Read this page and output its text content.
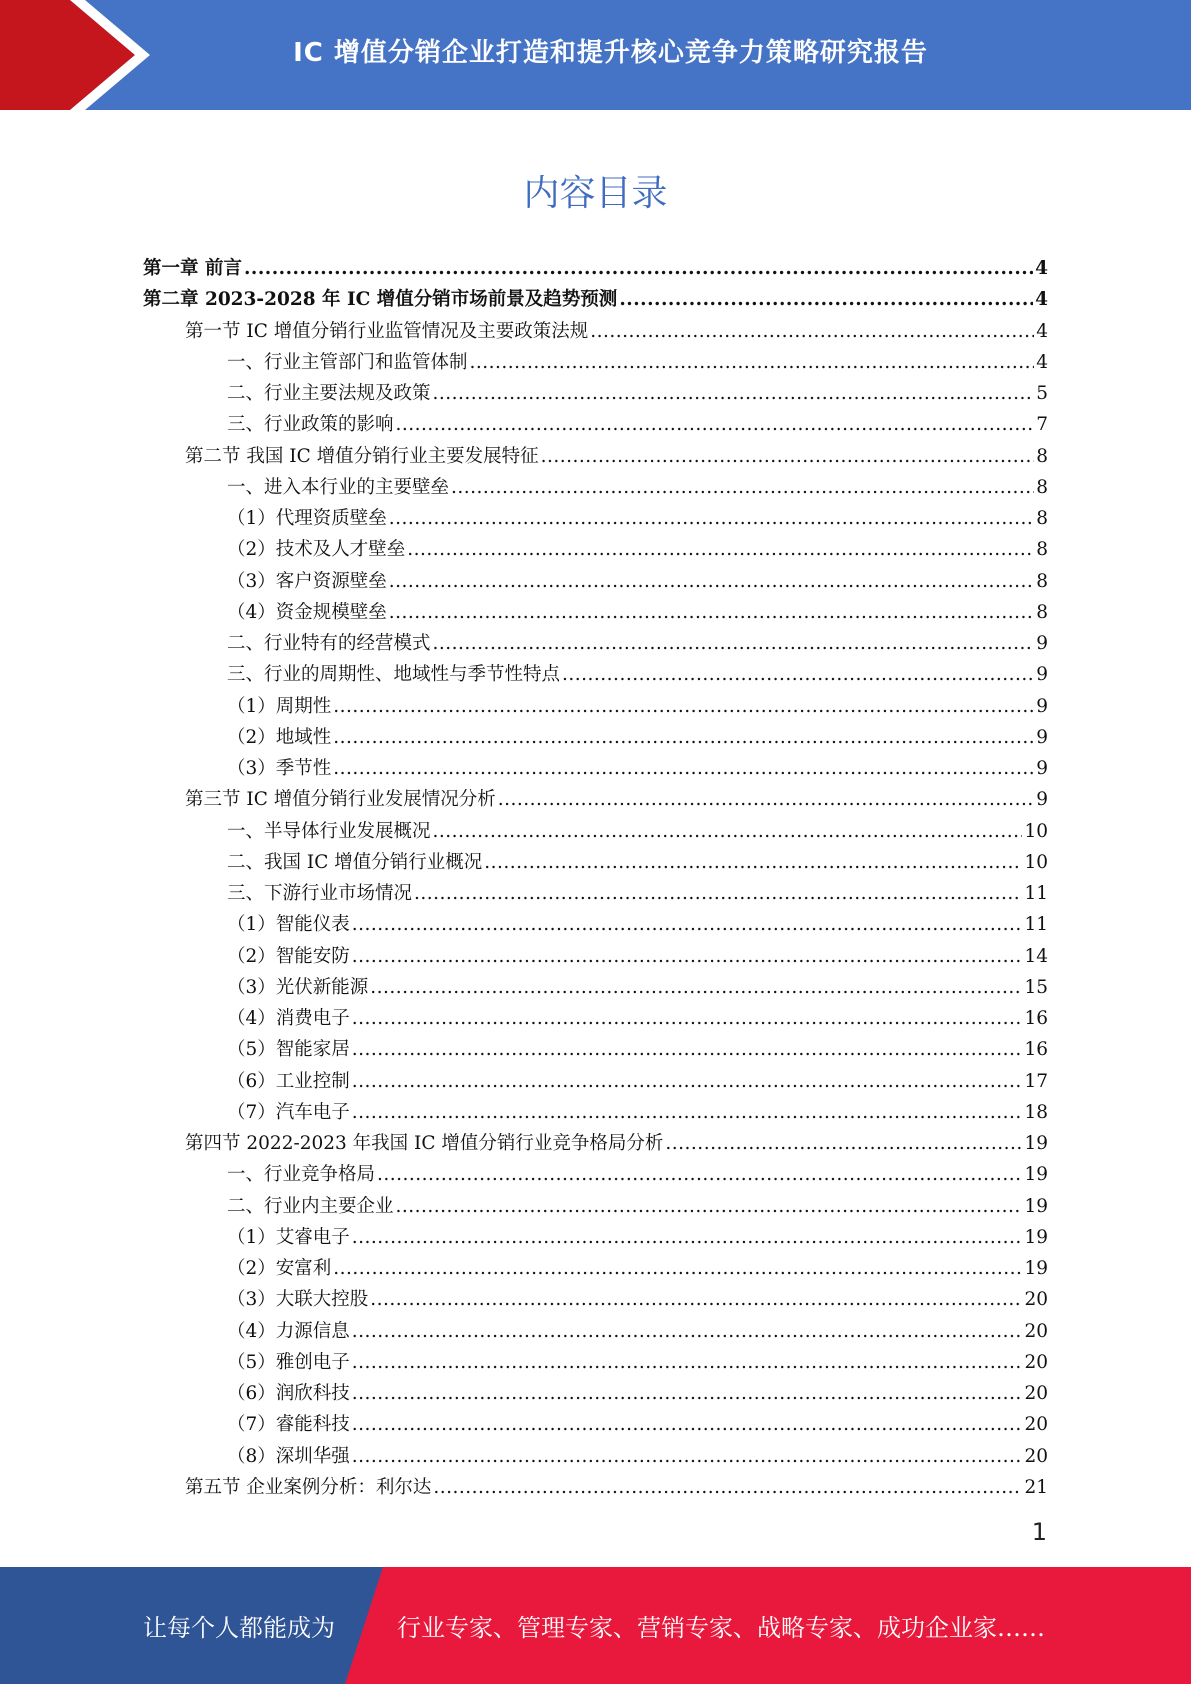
IC 增值分销企业打造和提升核心竞争力策略研究报告
内容目录
第一章 前言 .....	4
第二章 2023-2028 年 IC 增值分销市场前景及趋势预测 .....	4
第一节 IC 增值分销行业监管情况及主要政策法规 .....	4
一、行业主管部门和监管体制 .....	4
二、行业主要法规及政策 .....	5
三、行业政策的影响 .....	7
第二节 我国 IC 增值分销行业主要发展特征 .....	8
一、进入本行业的主要壁垒 .....	8
（1）代理资质壁垒 .....	8
（2）技术及人才壁垒 .....	8
（3）客户资源壁垒 .....	8
（4）资金规模壁垒 .....	8
二、行业特有的经营模式 .....	9
三、行业的周期性、地域性与季节性特点 .....	9
（1）周期性 .....	9
（2）地域性 .....	9
（3）季节性 .....	9
第三节 IC 增值分销行业发展情况分析 .....	9
一、半导体行业发展概况 .....	10
二、我国 IC 增值分销行业概况 .....	10
三、下游行业市场情况 .....	11
（1）智能仪表 .....	11
（2）智能安防 .....	14
（3）光伏新能源 .....	15
（4）消费电子 .....	16
（5）智能家居 .....	16
（6）工业控制 .....	17
（7）汽车电子 .....	18
第四节 2022-2023 年我国 IC 增值分销行业竞争格局分析 .....	19
一、行业竞争格局 .....	19
二、行业内主要企业 .....	19
（1）艾睿电子 .....	19
（2）安富利 .....	19
（3）大联大控股 .....	20
（4）力源信息 .....	20
（5）雅创电子 .....	20
（6）润欣科技 .....	20
（7）睿能科技 .....	20
（8）深圳华强 .....	20
第五节 企业案例分析：利尔达 .....	21
1
让每个人都能成为	行业专家、管理专家、营销专家、战略专家、成功企业家……
